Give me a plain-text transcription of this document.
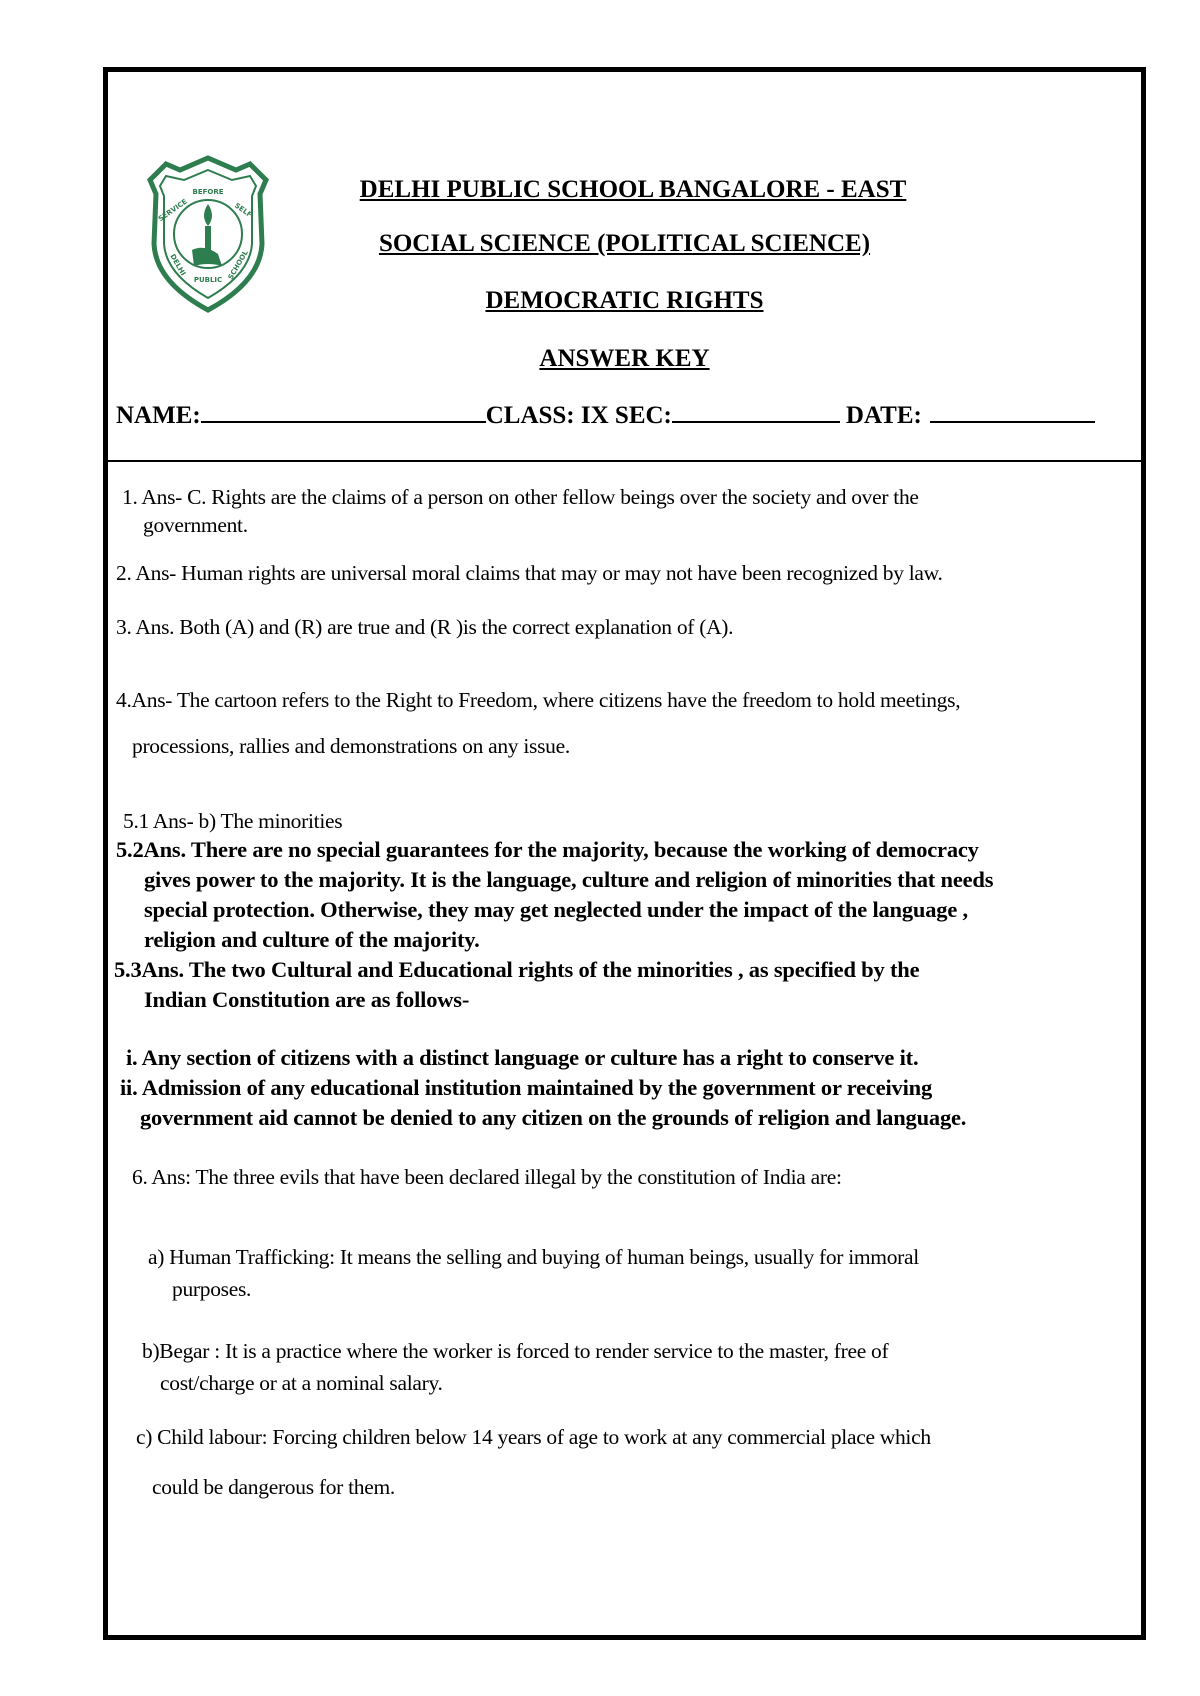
BEFORE
SERVICE	SELF
DELHI
PUBLIC SCHOOL
DELHI PUBLIC SCHOOL BANGALORE - EAST
SOCIAL SCIENCE (POLITICAL SCIENCE)
DEMOCRATIC RIGHTS
ANSWER KEY
NAME:	CLASS: IX SEC:	DATE:
1. Ans- C. Rights are the claims of a person on other fellow beings over the society and over the
government.
2. Ans- Human rights are universal moral claims that may or may not have been recognized by law.
3. Ans. Both (A) and (R) are true and (R )is the correct explanation of (A).
4.Ans- The cartoon refers to the Right to Freedom, where citizens have the freedom to hold meetings,
processions, rallies and demonstrations on any issue.
5.1 Ans- b) The minorities
5.2Ans. There are no special guarantees for the majority, because the working of democracy
gives power to the majority. It is the language, culture and religion of minorities that needs
special protection. Otherwise, they may get neglected under the impact of the language ,
religion and culture of the majority.
5.3Ans. The two Cultural and Educational rights of the minorities , as specified by the
Indian Constitution are as follows-
i. Any section of citizens with a distinct language or culture has a right to conserve it.
ii. Admission of any educational institution maintained by the government or receiving
government aid cannot be denied to any citizen on the grounds of religion and language.
6. Ans: The three evils that have been declared illegal by the constitution of India are:
a) Human Trafficking: It means the selling and buying of human beings, usually for immoral
purposes.
b)Begar : It is a practice where the worker is forced to render service to the master, free of
cost/charge or at a nominal salary.
c) Child labour: Forcing children below 14 years of age to work at any commercial place which
could be dangerous for them.
